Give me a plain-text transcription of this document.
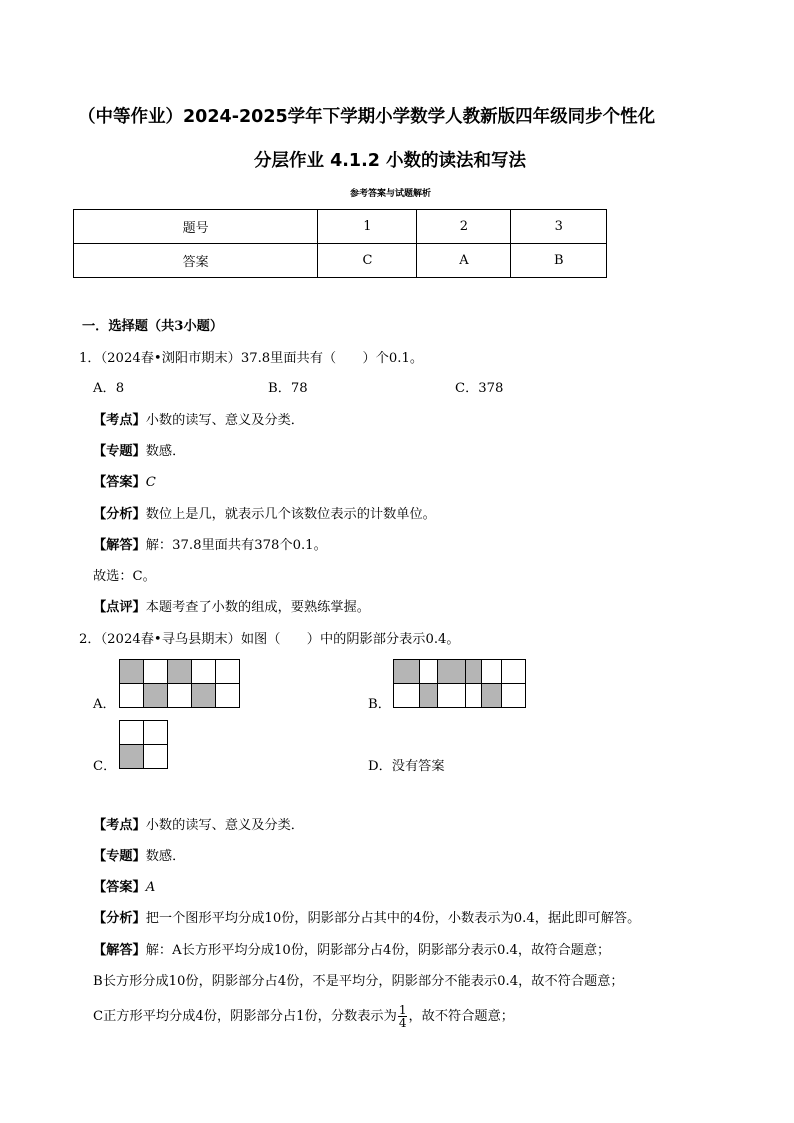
（中等作业）2024-2025学年下学期小学数学人教新版四年级同步个性化
分层作业 4.1.2 小数的读法和写法
参考答案与试题解析
题号	1	2	3
答案	C	A	B
一．选择题（共3小题）
1．（2024春•浏阳市期末）37.8里面共有（　　）个0.1。
A．8	B．78	C．378
【考点】小数的读写、意义及分类．
【专题】数感．
【答案】C
【分析】数位上是几，就表示几个该数位表示的计数单位。
【解答】解：37.8里面共有378个0.1。
故选：C。
【点评】本题考查了小数的组成，要熟练掌握。
2．（2024春•寻乌县期末）如图（　　）中的阴影部分表示0.4。
A．	B．
C．	D．没有答案
【考点】小数的读写、意义及分类．
【专题】数感．
【答案】A
【分析】把一个图形平均分成10份，阴影部分占其中的4份，小数表示为0.4，据此即可解答。
【解答】解：A长方形平均分成10份，阴影部分占4份，阴影部分表示0.4，故符合题意；
B长方形分成10份，阴影部分占4份，不是平均分，阴影部分不能表示0.4，故不符合题意；
C正方形平均分成4份，阴影部分占1份，分数表示为 $\frac{1}{4}$ ，故不符合题意；
